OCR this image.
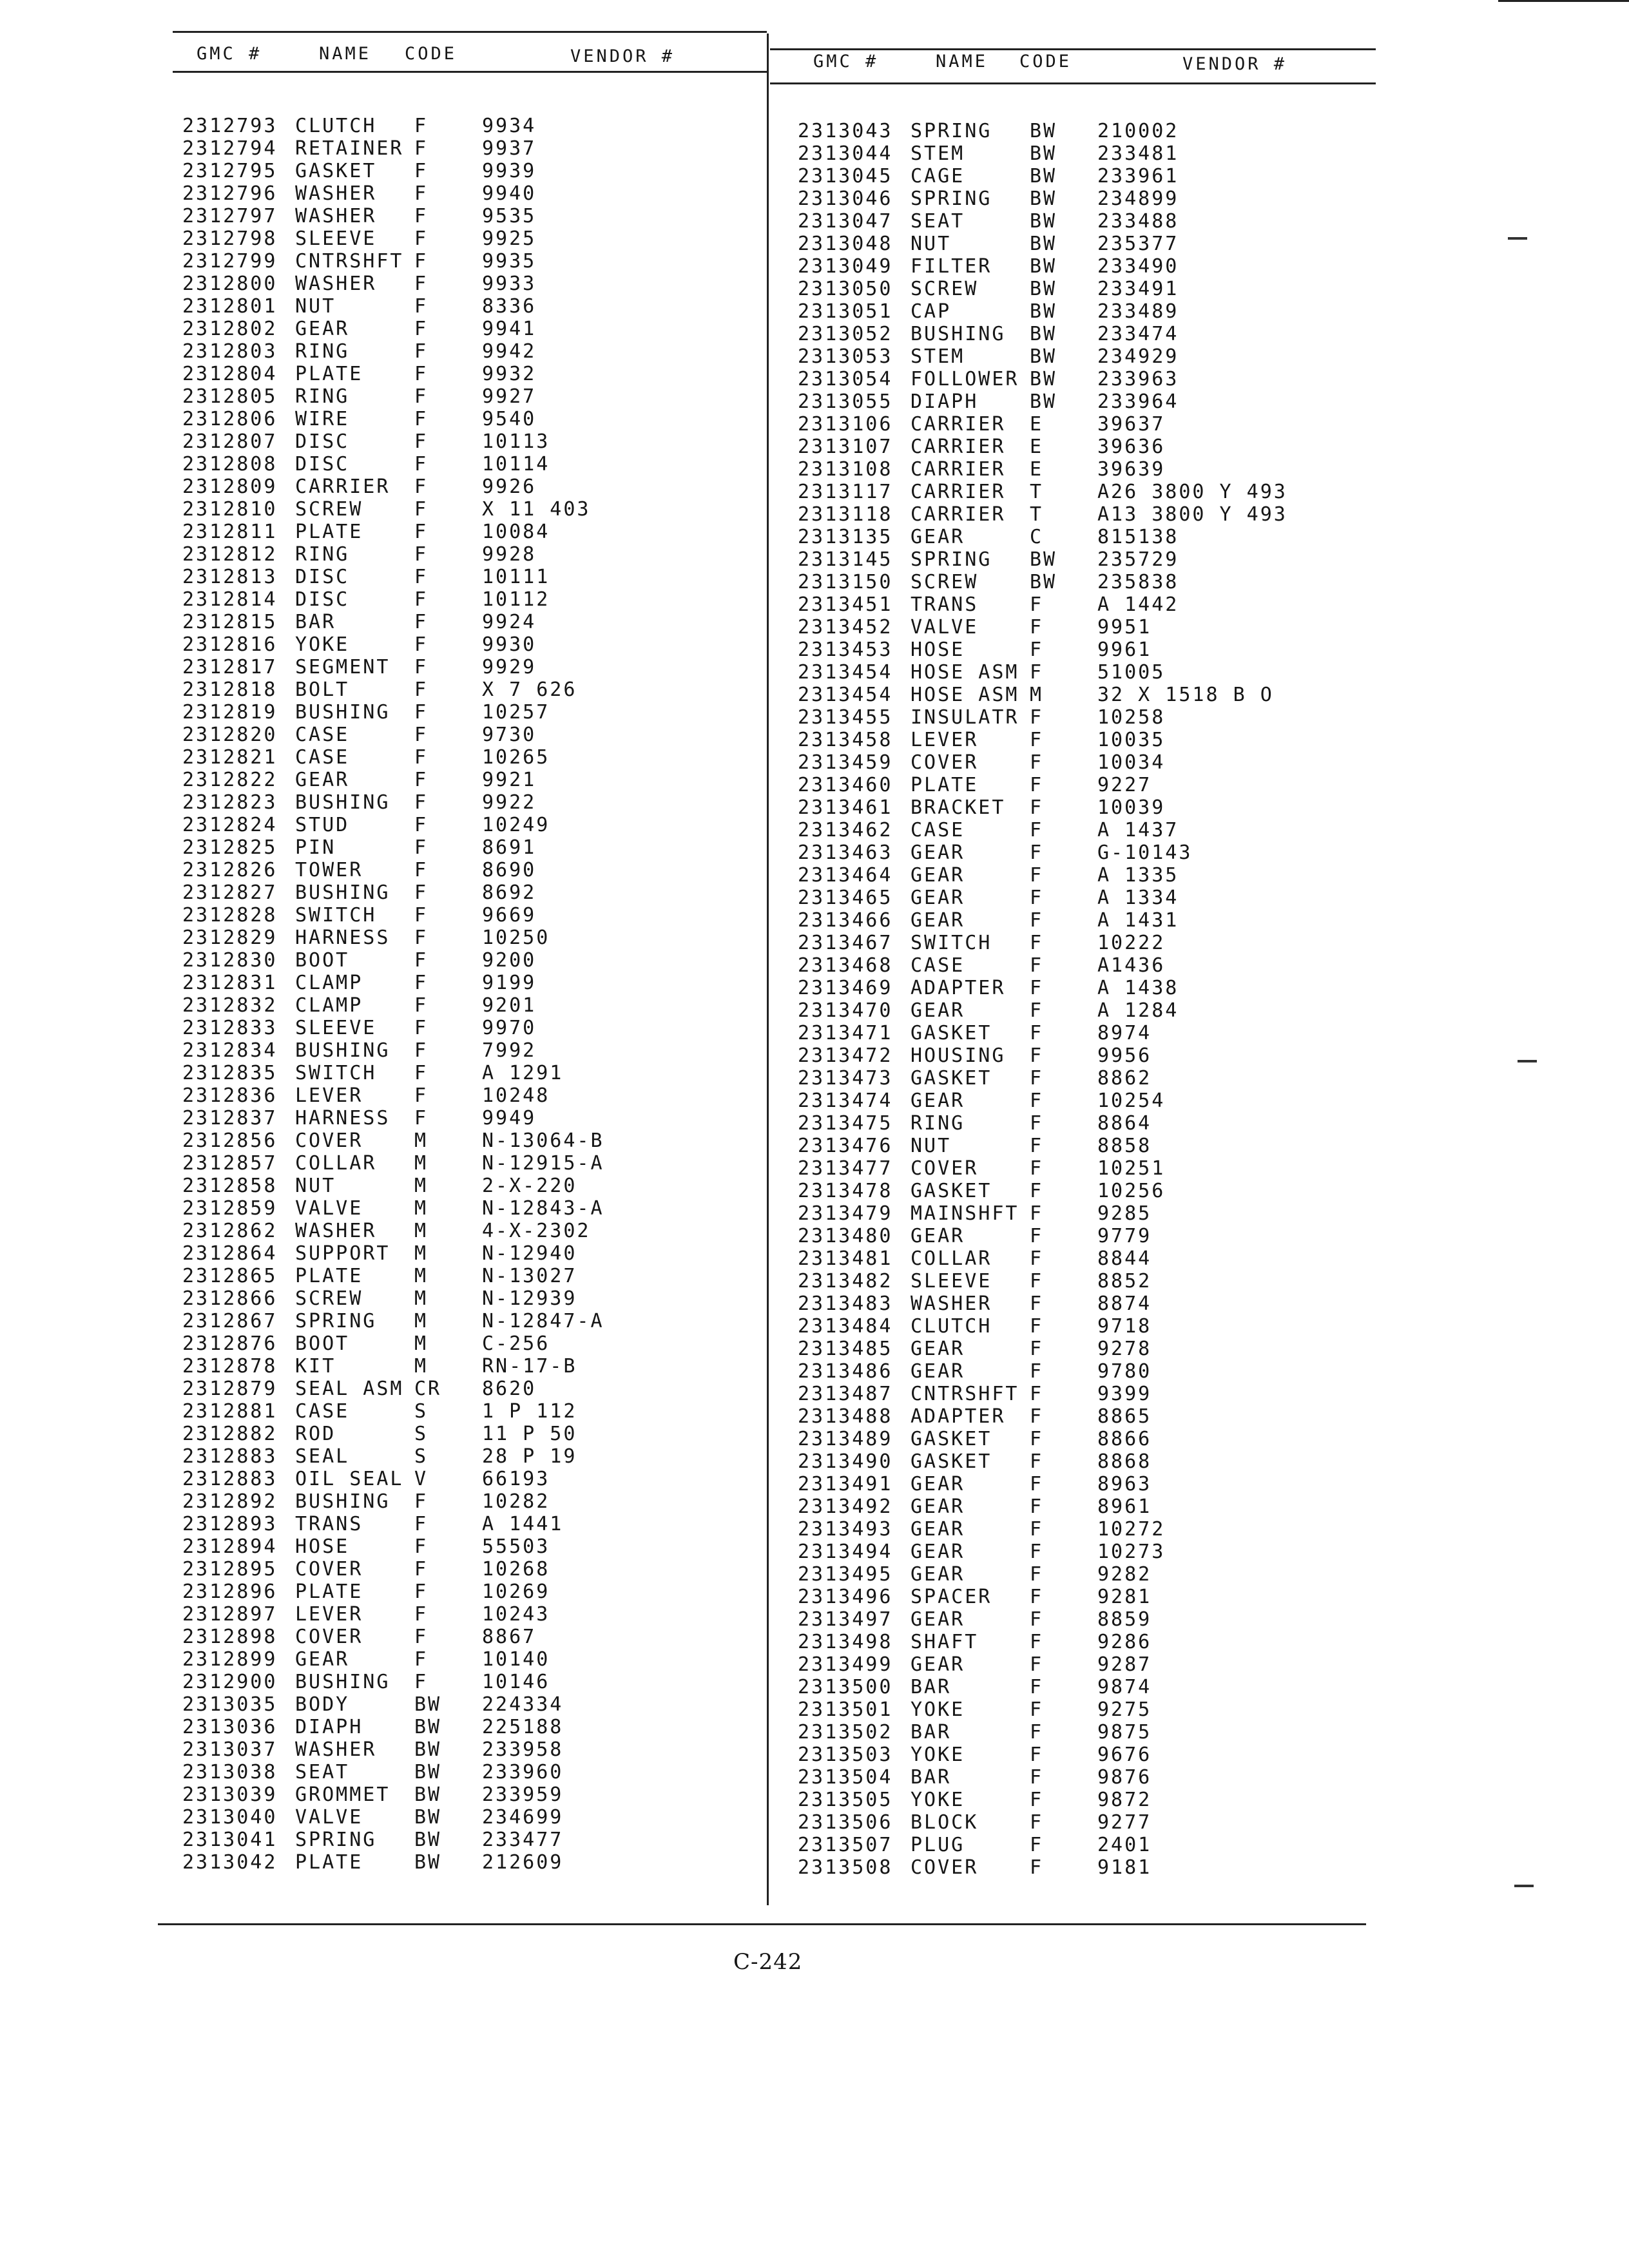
GMC #	NAME CODE	VENDOR #	GMC #	NAME CODE	VENDOR #
2312793 CLUTCH F	9934
2312794 RETAINER F	9937
2312795 GASKET F	9939
2312796 WASHER F	9940
2312797 WASHER F	9535
2312798 SLEEVE F	9925
2312799 CNTRSHFT F	9935
2312800 WASHER F	9933
2312801 NUT	F	8336
2312802 GEAR	F	9941
2312803 RING	F	9942
2312804 PLATE	F	9932
2312805 RING	F	9927
2312806 WIRE	F	9540
2312807 DISC	F	10113
2312808 DISC	F	10114
2312809 CARRIER F	9926
2312810 SCREW	F	X 11 403
2312811 PLATE	F	10084
2312812 RING	F	9928
2312813 DISC	F	10111
2312814 DISC	F	10112
2312815 BAR	F	9924
2312816 YOKE	F	9930
2312817 SEGMENT F	9929
2312818 BOLT	F	X 7 626
2312819 BUSHING F	10257
2312820 CASE	F	9730
2312821 CASE	F	10265
2312822 GEAR	F	9921
2312823 BUSHING F	9922
2312824 STUD	F	10249
2312825 PIN	F	8691
2312826 TOWER	F	8690
2312827 BUSHING F	8692
2312828 SWITCH F	9669
2312829 HARNESS F	10250
2312830 BOOT	F	9200
2312831 CLAMP	F	9199
2312832 CLAMP	F	9201
2312833 SLEEVE F	9970
2312834 BUSHING F	7992
2312835 SWITCH F	A 1291
2312836 LEVER	F	10248
2312837 HARNESS F	9949
2312856 COVER	M	N-13064-B
2312857 COLLAR M	N-12915-A
2312858 NUT	M	2-X-220
2312859 VALVE	M	N-12843-A
2312862 WASHER M	4-X-2302
2312864 SUPPORT M	N-12940
2312865 PLATE	M	N-13027
2312866 SCREW	M	N-12939
2312867 SPRING M	N-12847-A
2312876 BOOT	M	C-256
2312878 KIT	M	RN-17-B
2312879 SEAL ASM CR 8620
2312881 CASE	S	1 P 112
2312882 ROD	S	11 P 50
2312883 SEAL	S	28 P 19
2312883 OIL SEAL V	66193
2312892 BUSHING F	10282
2312893 TRANS	F	A 1441
2312894 HOSE	F	55503
2312895 COVER	F	10268
2312896 PLATE	F	10269
2312897 LEVER	F	10243
2312898 COVER	F	8867
2312899 GEAR	F	10140
2312900 BUSHING F	10146
2313035 BODY	BW 224334
2313036 DIAPH	BW 225188
2313037 WASHER BW 233958
2313038 SEAT	BW 233960
2313039 GROMMET BW 233959
2313040 VALVE	BW 234699
2313041 SPRING BW 233477
2313042 PLATE	BW 212609
2313043 SPRING BW 210002
2313044 STEM	BW 233481
2313045 CAGE	BW 233961
2313046 SPRING BW 234899
2313047 SEAT	BW 233488
2313048 NUT	BW 235377
2313049 FILTER BW 233490
2313050 SCREW	BW 233491
2313051 CAP	BW 233489
2313052 BUSHING BW 233474
2313053 STEM	BW 234929
2313054 FOLLOWER BW 233963
2313055 DIAPH	BW 233964
2313106 CARRIER E	39637
2313107 CARRIER E	39636
2313108 CARRIER E	39639
2313117 CARRIER T	A26 3800 Y 493
2313118 CARRIER T	A13 3800 Y 493
2313135 GEAR	C	815138
2313145 SPRING BW 235729
2313150 SCREW	BW 235838
2313451 TRANS	F	A 1442
2313452 VALVE	F	9951
2313453 HOSE	F	9961
2313454 HOSE ASM F	51005
2313454 HOSE ASM M	32 X 1518 B O
2313455 INSULATR F	10258
2313458 LEVER	F	10035
2313459 COVER	F	10034
2313460 PLATE	F	9227
2313461 BRACKET F	10039
2313462 CASE	F	A 1437
2313463 GEAR	F	G-10143
2313464 GEAR	F	A 1335
2313465 GEAR	F	A 1334
2313466 GEAR	F	A 1431
2313467 SWITCH F	10222
2313468 CASE	F	A1436
2313469 ADAPTER F	A 1438
2313470 GEAR	F	A 1284
2313471 GASKET F	8974
2313472 HOUSING F	9956
2313473 GASKET F	8862
2313474 GEAR	F	10254
2313475 RING	F	8864
2313476 NUT	F	8858
2313477 COVER	F	10251
2313478 GASKET F	10256
2313479 MAINSHFT F	9285
2313480 GEAR	F	9779
2313481 COLLAR F	8844
2313482 SLEEVE F	8852
2313483 WASHER F	8874
2313484 CLUTCH F	9718
2313485 GEAR	F	9278
2313486 GEAR	F	9780
2313487 CNTRSHFT F	9399
2313488 ADAPTER F	8865
2313489 GASKET F	8866
2313490 GASKET F	8868
2313491 GEAR	F	8963
2313492 GEAR	F	8961
2313493 GEAR	F	10272
2313494 GEAR	F	10273
2313495 GEAR	F	9282
2313496 SPACER F	9281
2313497 GEAR	F	8859
2313498 SHAFT	F	9286
2313499 GEAR	F	9287
2313500 BAR	F	9874
2313501 YOKE	F	9275
2313502 BAR	F	9875
2313503 YOKE	F	9676
2313504 BAR	F	9876
2313505 YOKE	F	9872
2313506 BLOCK	F	9277
2313507 PLUG	F	2401
2313508 COVER	F	9181
C-242
